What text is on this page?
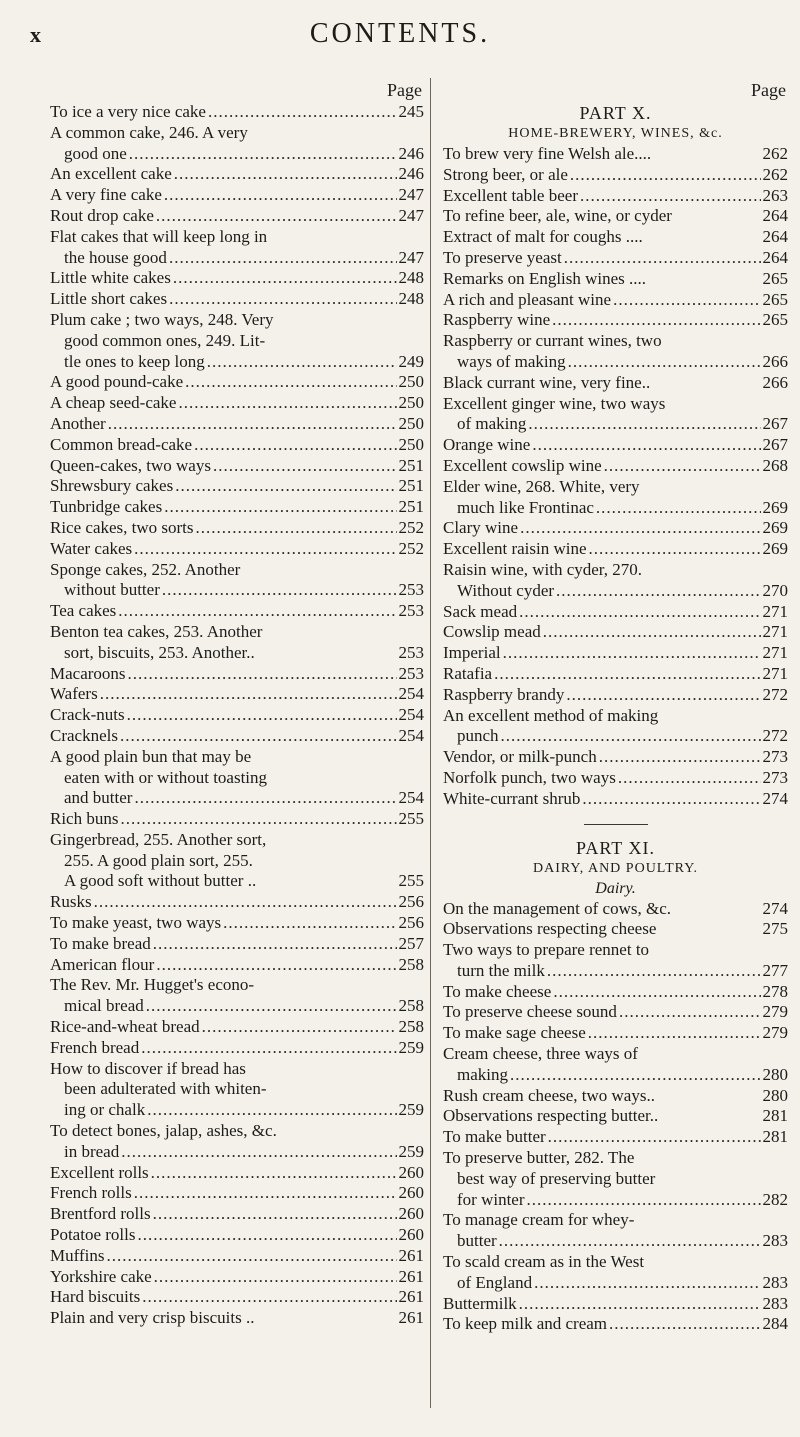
x	CONTENTS.
Page
To ice a very nice cake .....	245
A common cake, 246. A very
good one .....	246
An excellent cake .....	246
A very fine cake .....	247
Rout drop cake .....	247
Flat cakes that will keep long in
the house good .....	247
Little white cakes .....	248
Little short cakes .....	248
Plum cake ; two ways, 248. Very
good common ones, 249. Lit-
tle ones to keep long .....	249
A good pound-cake .....	250
A cheap seed-cake .....	250
Another .....	250
Common bread-cake .....	250
Queen-cakes, two ways .....	251
Shrewsbury cakes .....	251
Tunbridge cakes .....	251
Rice cakes, two sorts .....	252
Water cakes .....	252
Sponge cakes, 252. Another
without butter .....	253
Tea cakes .....	253
Benton tea cakes, 253. Another
sort, biscuits, 253. Another..	253
Macaroons .....	253
Wafers .....	254
Crack-nuts .....	254
Cracknels .....	254
A good plain bun that may be
eaten with or without toasting
and butter .....	254
Rich buns .....	255
Gingerbread, 255. Another sort,
255. A good plain sort, 255.
A good soft without butter ..	255
Rusks .....	256
To make yeast, two ways .....	256
To make bread .....	257
American flour .....	258
The Rev. Mr. Hugget's econo-
mical bread .....	258
Rice-and-wheat bread .....	258
French bread .....	259
How to discover if bread has
been adulterated with whiten-
ing or chalk .....	259
To detect bones, jalap, ashes, &c.
in bread .....	259
Excellent rolls .....	260
French rolls .....	260
Brentford rolls .....	260
Potatoe rolls .....	260
Muffins .....	261
Yorkshire cake .....	261
Hard biscuits .....	261
Plain and very crisp biscuits ..	261
Page
PART X.
HOME-BREWERY, WINES, &c.
To brew very fine Welsh ale....	262
Strong beer, or ale .....	262
Excellent table beer .....	263
To refine beer, ale, wine, or cyder	264
Extract of malt for coughs ....	264
To preserve yeast .....	264
Remarks on English wines ....	265
A rich and pleasant wine .....	265
Raspberry wine .....	265
Raspberry or currant wines, two
ways of making .....	266
Black currant wine, very fine..	266
Excellent ginger wine, two ways
of making .....	267
Orange wine .....	267
Excellent cowslip wine .....	268
Elder wine, 268. White, very
much like Frontinac .....	269
Clary wine .....	269
Excellent raisin wine .....	269
Raisin wine, with cyder, 270.
Without cyder .....	270
Sack mead .....	271
Cowslip mead .....	271
Imperial .....	271
Ratafia .....	271
Raspberry brandy .....	272
An excellent method of making
punch .....	272
Vendor, or milk-punch .....	273
Norfolk punch, two ways .....	273
White-currant shrub .....	274
PART XI.
DAIRY, AND POULTRY.
Dairy.
On the management of cows, &c.	274
Observations respecting cheese	275
Two ways to prepare rennet to
turn the milk .....	277
To make cheese .....	278
To preserve cheese sound .....	279
To make sage cheese .....	279
Cream cheese, three ways of
making .....	280
Rush cream cheese, two ways..	280
Observations respecting butter..	281
To make butter .....	281
To preserve butter, 282. The
best way of preserving butter
for winter .....	282
To manage cream for whey-
butter .....	283
To scald cream as in the West
of England .....	283
Buttermilk .....	283
To keep milk and cream .....	284
